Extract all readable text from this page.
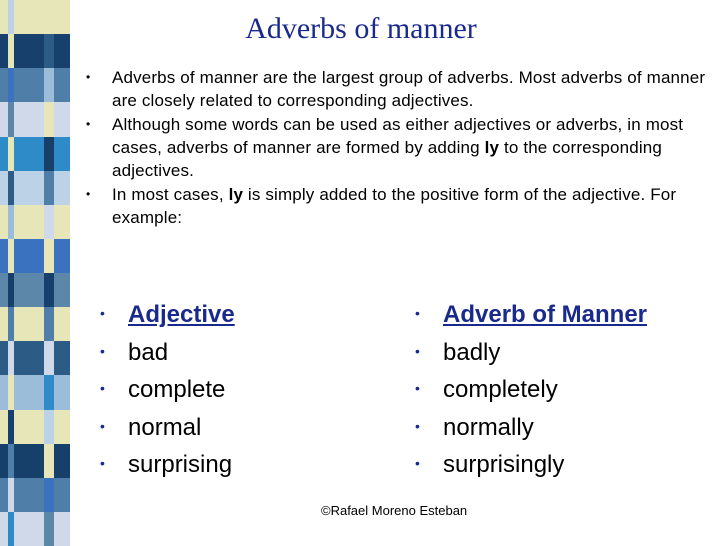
Adverbs of manner
• Adverbs of manner are the largest group of adverbs. Most adverbs of manner are closely related to corresponding adjectives.
• Although some words can be used as either adjectives or adverbs, in most cases, adverbs of manner are formed by adding ly to the corresponding adjectives.
• In most cases, ly is simply added to the positive form of the adjective. For example:
• Adjective
• bad
• complete
• normal
• surprising
• Adverb of Manner
• badly
• completely
• normally
• surprisingly
©Rafael Moreno Esteban
